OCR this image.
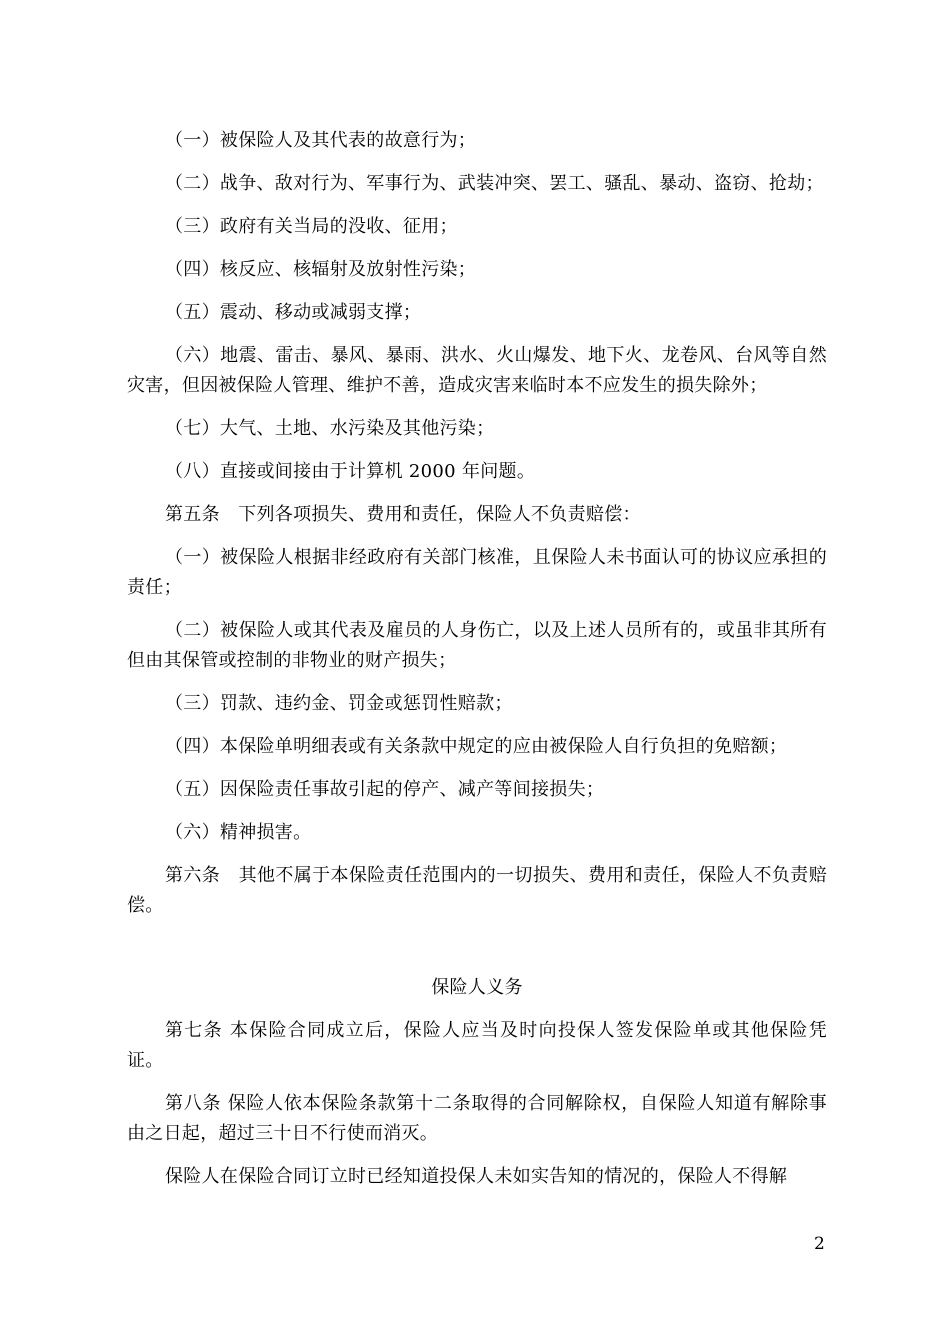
（一）被保险人及其代表的故意行为；

（二）战争、敌对行为、军事行为、武装冲突、罢工、骚乱、暴动、盗窃、抢劫；

（三）政府有关当局的没收、征用；

（四）核反应、核辐射及放射性污染；

（五）震动、移动或减弱支撑；

（六）地震、雷击、暴风、暴雨、洪水、火山爆发、地下火、龙卷风、台风等自然灾害，但因被保险人管理、维护不善，造成灾害来临时本不应发生的损失除外；

（七）大气、土地、水污染及其他污染；

（八）直接或间接由于计算机 2000 年问题。

第五条　下列各项损失、费用和责任，保险人不负责赔偿：

（一）被保险人根据非经政府有关部门核准，且保险人未书面认可的协议应承担的责任；

（二）被保险人或其代表及雇员的人身伤亡，以及上述人员所有的，或虽非其所有但由其保管或控制的非物业的财产损失；

（三）罚款、违约金、罚金或惩罚性赔款；

（四）本保险单明细表或有关条款中规定的应由被保险人自行负担的免赔额；

（五）因保险责任事故引起的停产、减产等间接损失；

（六）精神损害。

第六条　其他不属于本保险责任范围内的一切损失、费用和责任，保险人不负责赔偿。

保险人义务

第七条 本保险合同成立后，保险人应当及时向投保人签发保险单或其他保险凭证。

第八条 保险人依本保险条款第十二条取得的合同解除权，自保险人知道有解除事由之日起，超过三十日不行使而消灭。

保险人在保险合同订立时已经知道投保人未如实告知的情况的，保险人不得解

2
